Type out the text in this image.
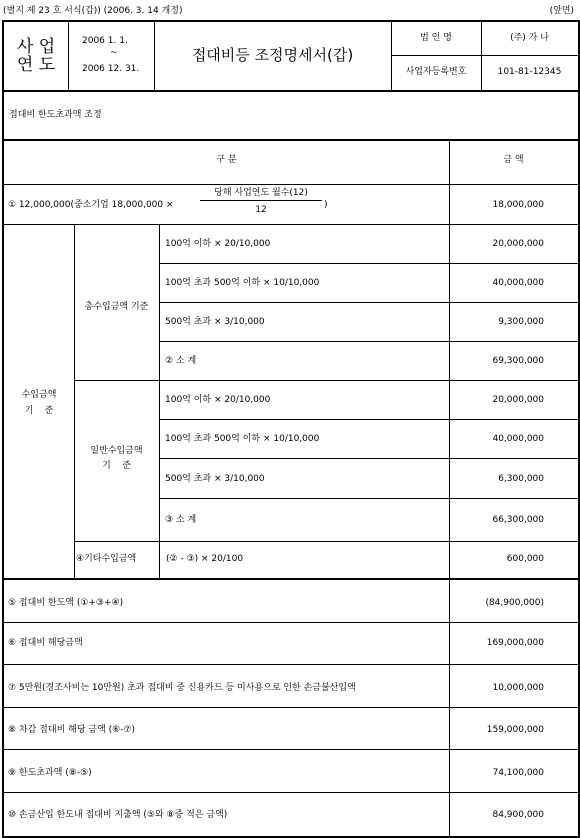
(별지 제 23 호 서식(갑)) (2006. 3. 14 개정)	(앞면)
사 업
연 도
2006 1. 1.
~
2006 12. 31.
접대비등 조정명세서(갑)
법 인 명	(주) 가 나
사업자등록번호	101-81-12345
접대비 한도초과액 조정
구 분	금 액
① 12,000,000(중소기업 18,000,000 ×
당해 사업연도 월수(12)
12	)	18,000,000
수입금액
기    준
총수입금액 기준
100억 이하 × 20/10,000	20,000,000
100억 초과 500억 이하 × 10/10,000	40,000,000
500억 초과 × 3/10,000	9,300,000
② 소 계	69,300,000
일반수입금액
기    준
100억 이하 × 20/10,000	20,000,000
100억 초과 500억 이하 × 10/10,000	40,000,000
500억 초과 × 3/10,000	6,300,000
③ 소 계	66,300,000
④기타수입금액	(② - ③) × 20/100	600,000
⑤ 접대비 한도액 (①+③+④)	(84,900,000)
⑥ 접대비 해당금액	169,000,000
⑦ 5만원(경조사비는 10만원) 초과 접대비 중 신용카드 등 미사용으로 인한 손금불산입액	10,000,000
⑧ 차감 접대비 해당 금액 (⑥-⑦)	159,000,000
⑨ 한도초과액 (⑧-⑤)	74,100,000
⑩ 손금산입 한도내 접대비 지출액 (⑤와 ⑧중 적은 금액)	84,900,000
